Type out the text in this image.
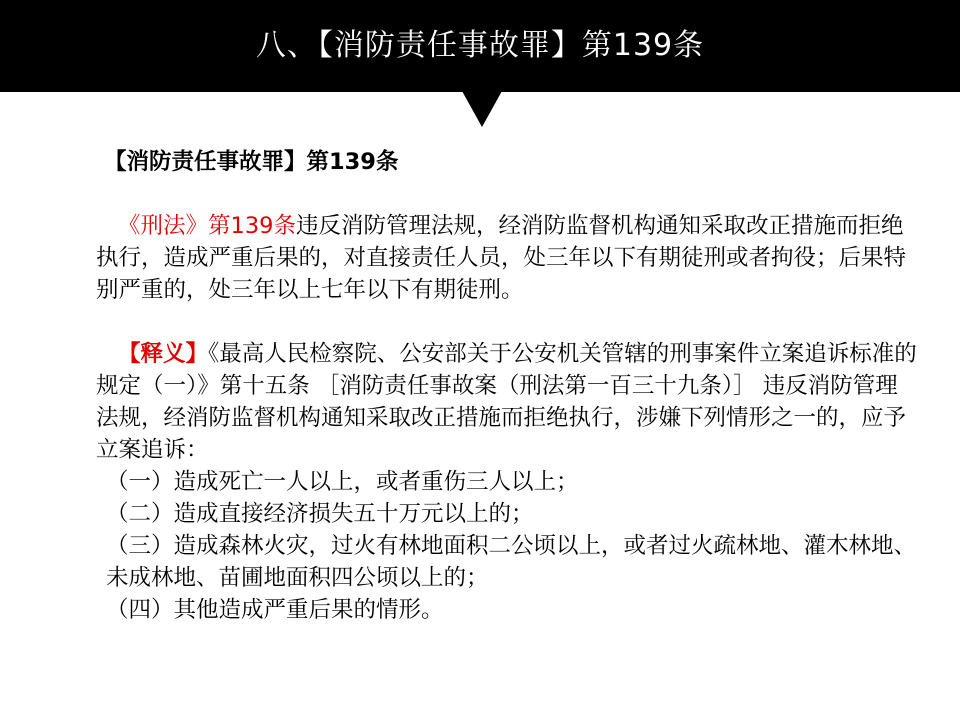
八、【消防责任事故罪】第139条
【消防责任事故罪】第139条
《刑法》第139条违反消防管理法规，经消防监督机构通知采取改正措施而拒绝执行，造成严重后果的，对直接责任人员，处三年以下有期徒刑或者拘役；后果特别严重的，处三年以上七年以下有期徒刑。
【释义】《最高人民检察院、公安部关于公安机关管辖的刑事案件立案追诉标准的规定（一）》第十五条 ［消防责任事故案（刑法第一百三十九条）］ 违反消防管理法规，经消防监督机构通知采取改正措施而拒绝执行，涉嫌下列情形之一的，应予立案追诉：
（一）造成死亡一人以上，或者重伤三人以上；
（二）造成直接经济损失五十万元以上的；
（三）造成森林火灾，过火有林地面积二公顷以上，或者过火疏林地、灌木林地、未成林地、苗圃地面积四公顷以上的；
（四）其他造成严重后果的情形。
